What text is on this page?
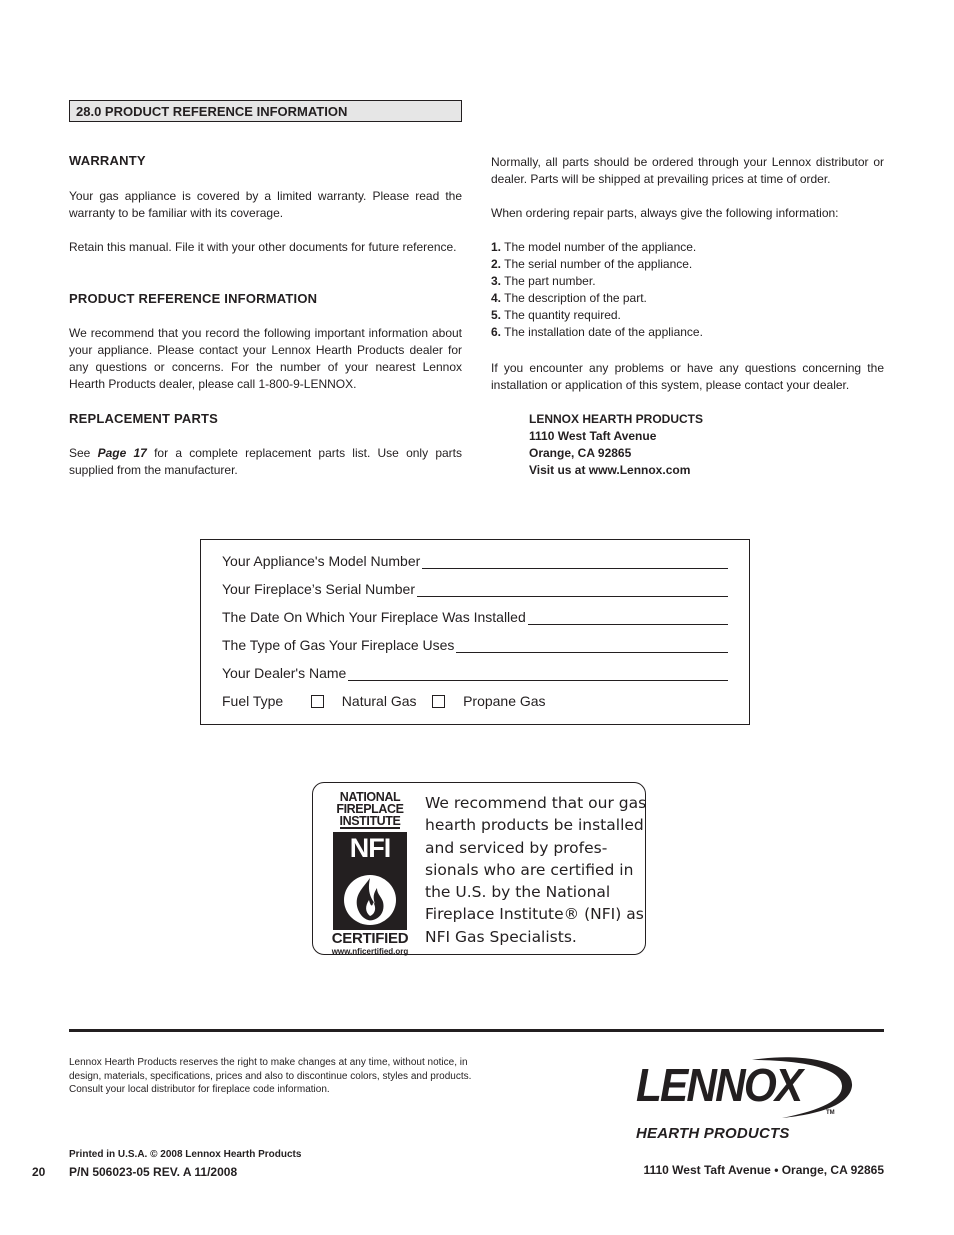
28.0 PRODUCT REFERENCE INFORMATION
WARRANTY

Your gas appliance is covered by a limited warranty. Please read the warranty to be familiar with its coverage.

Retain this manual. File it with your other documents for future reference.

PRODUCT REFERENCE INFORMATION

We recommend that you record the following important information about your appliance. Please contact your Lennox Hearth Products dealer for any questions or concerns. For the number of your nearest Lennox Hearth Products dealer, please call 1-800-9-LENNOX.

REPLACEMENT PARTS

See Page 17 for a complete replacement parts list. Use only parts supplied from the manufacturer.

Normally, all parts should be ordered through your Lennox distributor or dealer. Parts will be shipped at prevailing prices at time of order.

When ordering repair parts, always give the following information:

1. The model number of the appliance.
2. The serial number of the appliance.
3. The part number.
4. The description of the part.
5. The quantity required.
6. The installation date of the appliance.

If you encounter any problems or have any questions concerning the installation or application of this system, please contact your dealer.

LENNOX HEARTH PRODUCTS
1110 West Taft Avenue
Orange, CA 92865
Visit us at www.Lennox.com
Your Appliance's Model Number
Your Fireplace’s Serial Number
The Date On Which Your Fireplace Was Installed
The Type of Gas Your Fireplace Uses
Your Dealer's Name
Fuel Type	Natural Gas	Propane Gas
NATIONAL
FIREPLACE
INSTITUTE
NFI
CERTIFIED
www.nficertified.org
We recommend that our gas
hearth products be installed
and serviced by profes-
sionals who are certified in
the U.S. by the National
Fireplace Institute® (NFI) as
NFI Gas Specialists.
Lennox Hearth Products reserves the right to make changes at any time, without notice, in
design, materials, specifications, prices and also to discontinue colors, styles and products.
Consult your local distributor for fireplace code information.
Printed in U.S.A. © 2008 Lennox Hearth Products
20 P/N 506023-05 REV. A 11/2008
LENNOX
TM
HEARTH PRODUCTS
1110 West Taft Avenue • Orange, CA 92865
